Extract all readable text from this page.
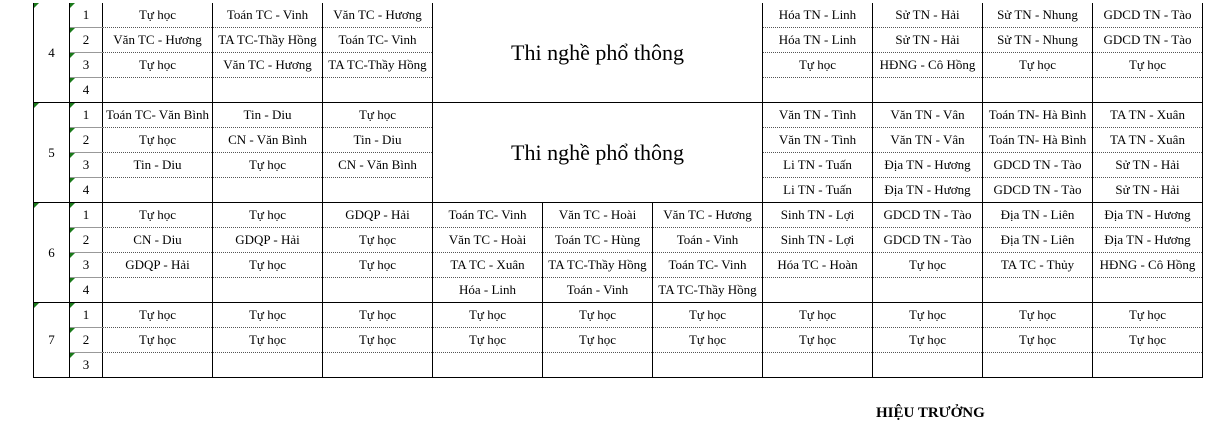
4	1	Tự học	Toán TC - Vinh	Văn TC - Hương	Thi nghề phổ thông			Hóa TN - Linh	Sử TN - Hải	Sử TN - Nhung	GDCD TN - Tào
	2	Văn TC - Hương	TA TC-Thầy Hồng	Toán TC- Vinh				Hóa TN - Linh	Sử TN - Hải	Sử TN - Nhung	GDCD TN - Tào
	3	Tự học	Văn TC - Hương	TA TC-Thầy Hồng				Tự học	HĐNG - Cô Hồng	Tự học	Tự học
	4			

5	1	Toán TC- Văn Bình	Tin - Diu	Tự học	Thi nghề phổ thông			Văn TN - Tình	Văn TN - Vân	Toán TN- Hà Bình	TA TN - Xuân
	2	Tự học	CN - Văn Bình	Tin - Diu				Văn TN - Tình	Văn TN - Vân	Toán TN- Hà Bình	TA TN - Xuân
	3	Tin - Diu	Tự học	CN - Văn Bình				Li TN - Tuấn	Địa TN - Hương	GDCD TN - Tào	Sử TN - Hải
	4							Li TN - Tuấn	Địa TN - Hương	GDCD TN - Tào	Sử TN - Hải
6	1	Tự học	Tự học	GDQP - Hải	Toán TC- Vinh	Văn TC - Hoài	Văn TC - Hương	Sinh TN - Lợi	GDCD TN - Tào	Địa TN - Liên	Địa TN - Hương
	2	CN - Diu	GDQP - Hải	Tự học	Văn TC - Hoài	Toán TC - Hùng	Toán - Vinh	Sinh TN - Lợi	GDCD TN - Tào	Địa TN - Liên	Địa TN - Hương
	3	GDQP - Hải	Tự học	Tự học	TA TC - Xuân	TA TC-Thầy Hồng	Toán TC- Vinh	Hóa TC - Hoàn	Tự học	TA TC - Thủy	HĐNG - Cô Hồng
	4				Hóa - Linh	Toán - Vinh	TA TC-Thầy Hồng				
7	1	Tự học	Tự học	Tự học	Tự học	Tự học	Tự học	Tự học	Tự học	Tự học	Tự học
	2	Tự học	Tự học	Tự học	Tự học	Tự học	Tự học	Tự học	Tự học	Tự học	Tự học
	3

HIỆU TRƯỞNG
